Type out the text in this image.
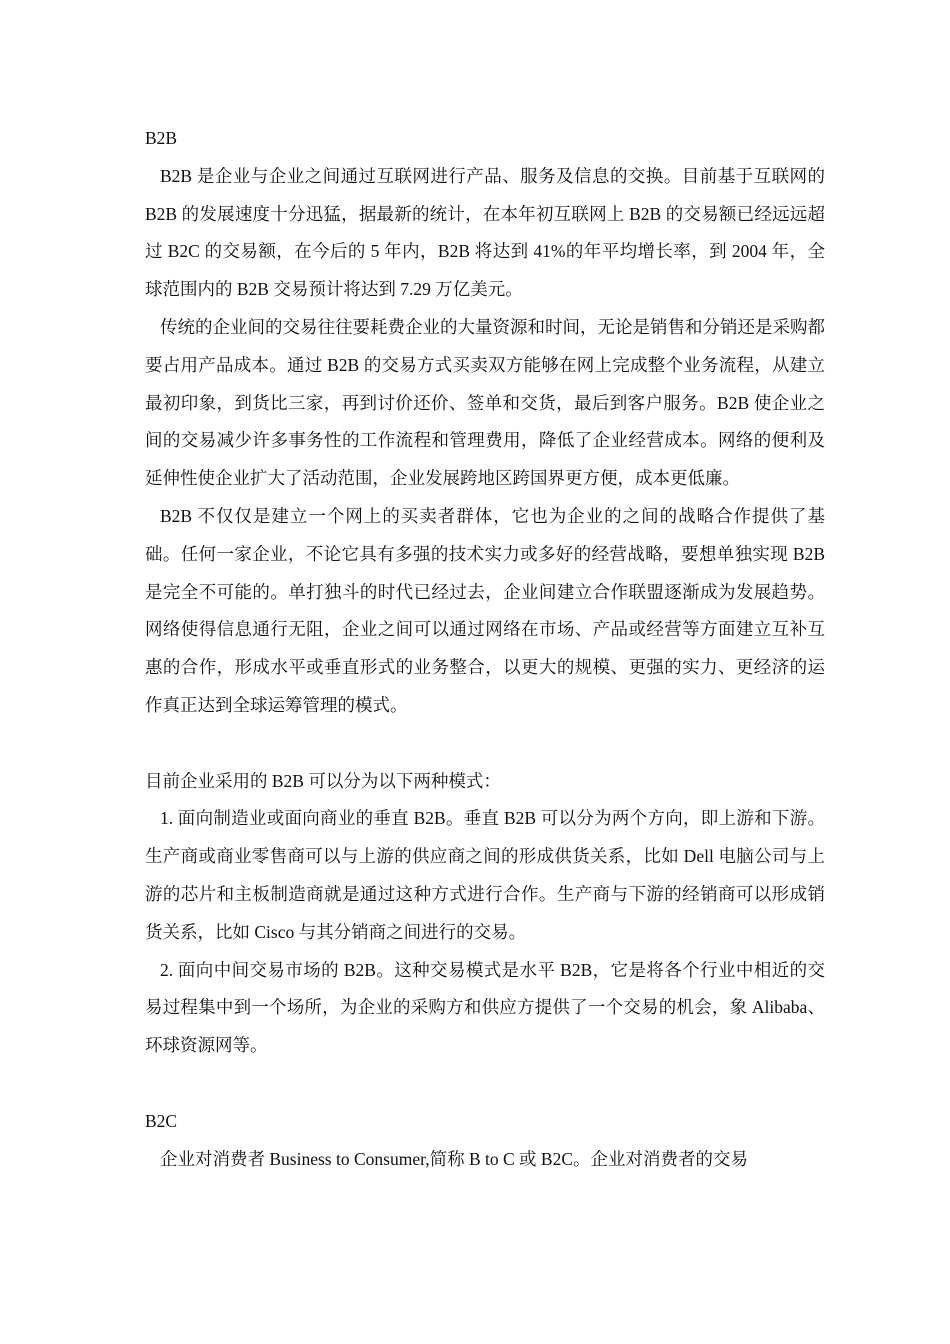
B2B

B2B 是企业与企业之间通过互联网进行产品、服务及信息的交换。目前基于互联网的 B2B 的发展速度十分迅猛，据最新的统计，在本年初互联网上 B2B 的交易额已经远远超过 B2C 的交易额，在今后的 5 年内，B2B 将达到 41%的年平均增长率，到 2004 年，全球范围内的 B2B 交易预计将达到 7.29 万亿美元。

传统的企业间的交易往往要耗费企业的大量资源和时间，无论是销售和分销还是采购都要占用产品成本。通过 B2B 的交易方式买卖双方能够在网上完成整个业务流程，从建立最初印象，到货比三家，再到讨价还价、签单和交货，最后到客户服务。B2B 使企业之间的交易减少许多事务性的工作流程和管理费用，降低了企业经营成本。网络的便利及延伸性使企业扩大了活动范围，企业发展跨地区跨国界更方便，成本更低廉。

B2B 不仅仅是建立一个网上的买卖者群体，它也为企业的之间的战略合作提供了基础。任何一家企业，不论它具有多强的技术实力或多好的经营战略，要想单独实现 B2B 是完全不可能的。单打独斗的时代已经过去，企业间建立合作联盟逐渐成为发展趋势。网络使得信息通行无阻，企业之间可以通过网络在市场、产品或经营等方面建立互补互惠的合作，形成水平或垂直形式的业务整合，以更大的规模、更强的实力、更经济的运作真正达到全球运筹管理的模式。

目前企业采用的 B2B 可以分为以下两种模式：

1. 面向制造业或面向商业的垂直 B2B。垂直 B2B 可以分为两个方向，即上游和下游。生产商或商业零售商可以与上游的供应商之间的形成供货关系，比如 Dell 电脑公司与上游的芯片和主板制造商就是通过这种方式进行合作。生产商与下游的经销商可以形成销货关系，比如 Cisco 与其分销商之间进行的交易。

2. 面向中间交易市场的 B2B。这种交易模式是水平 B2B，它是将各个行业中相近的交易过程集中到一个场所，为企业的采购方和供应方提供了一个交易的机会，象 Alibaba、环球资源网等。

B2C

企业对消费者 Business to Consumer,简称 B to C 或 B2C。企业对消费者的交易
